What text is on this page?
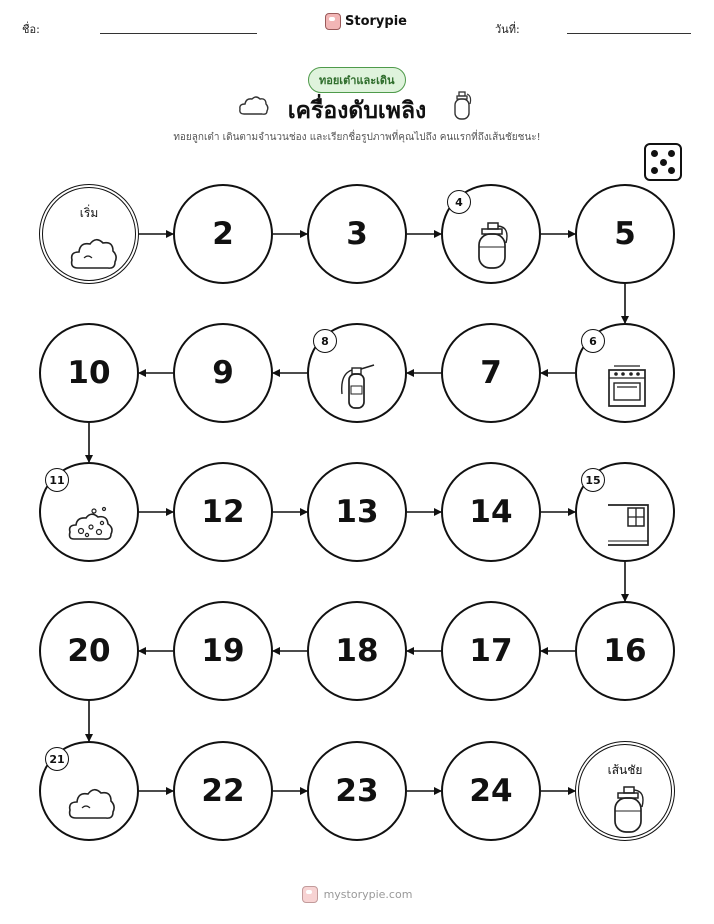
ชื่อ:
Storypie
วันที่:
ทอยเต๋าและเดิน
เครื่องดับเพลิง
ทอยลูกเต๋า เดินตามจำนวนช่อง และเรียกชื่อรูปภาพที่คุณไปถึง คนแรกที่ถึงเส้นชัยชนะ!
เริ่ม
2	3
4
5
6
7
8
9
10
11
12	13	14
15
16
17
18
19
20
21
22	23	24
เส้นชัย
mystorypie.com
